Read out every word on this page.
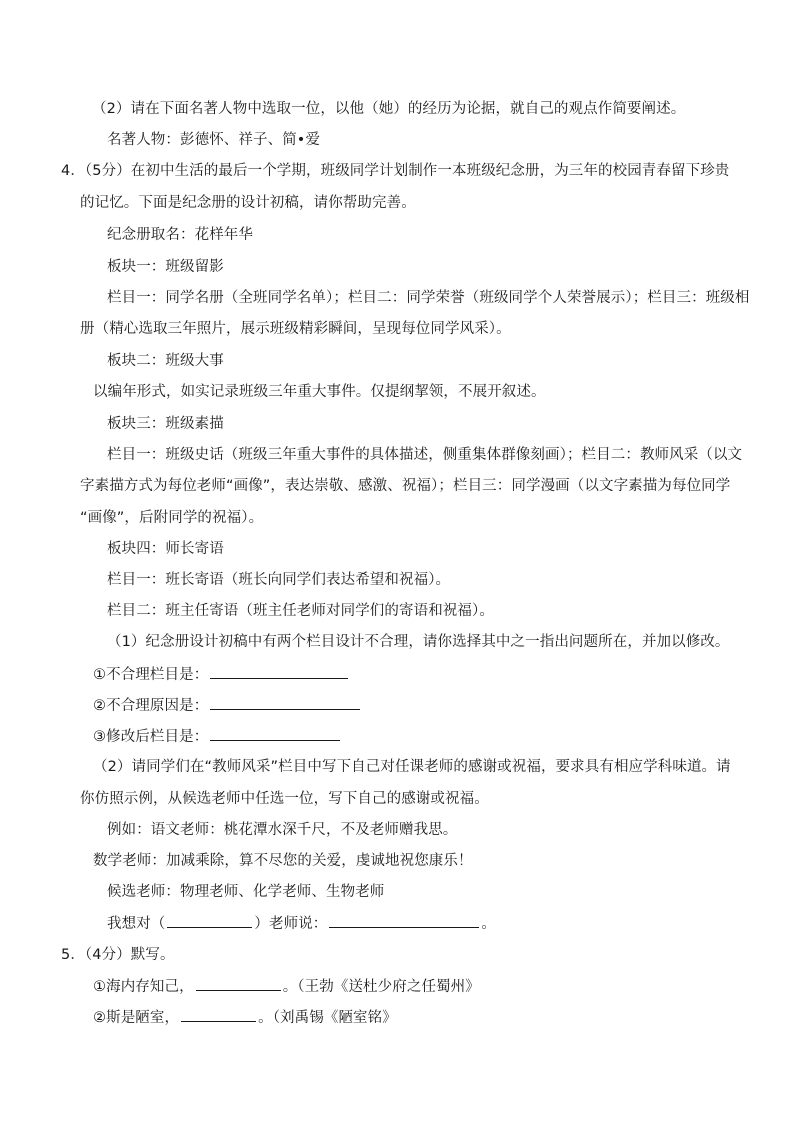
（2）请在下面名著人物中选取一位，以他（她）的经历为论据，就自己的观点作简要阐述。
名著人物：彭德怀、祥子、简•爱
4．（5分）在初中生活的最后一个学期，班级同学计划制作一本班级纪念册，为三年的校园青春留下珍贵
的记忆。下面是纪念册的设计初稿，请你帮助完善。
纪念册取名：花样年华
板块一：班级留影
栏目一：同学名册（全班同学名单）；栏目二：同学荣誉（班级同学个人荣誉展示）；栏目三：班级相
册（精心选取三年照片，展示班级精彩瞬间，呈现每位同学风采）。
板块二：班级大事
以编年形式，如实记录班级三年重大事件。仅提纲挈领，不展开叙述。
板块三：班级素描
栏目一：班级史话（班级三年重大事件的具体描述，侧重集体群像刻画）；栏目二：教师风采（以文
字素描方式为每位老师“画像”，表达崇敬、感激、祝福）；栏目三：同学漫画（以文字素描为每位同学
“画像”，后附同学的祝福）。
板块四：师长寄语
栏目一：班长寄语（班长向同学们表达希望和祝福）。
栏目二：班主任寄语（班主任老师对同学们的寄语和祝福）。
（1）纪念册设计初稿中有两个栏目设计不合理，请你选择其中之一指出问题所在，并加以修改。
①不合理栏目是：
②不合理原因是：
③修改后栏目是：
（2）请同学们在“教师风采”栏目中写下自己对任课老师的感谢或祝福，要求具有相应学科味道。请
你仿照示例，从候选老师中任选一位，写下自己的感谢或祝福。
例如：语文老师：桃花潭水深千尺，不及老师赠我思。
数学老师：加减乘除，算不尽您的关爱，虔诚地祝您康乐！
候选老师：物理老师、化学老师、生物老师
我想对（	）老师说：	。
5．（4分）默写。
①海内存知己，	。（王勃《送杜少府之任蜀州》
②斯是陋室，	。（刘禹锡《陋室铭》
